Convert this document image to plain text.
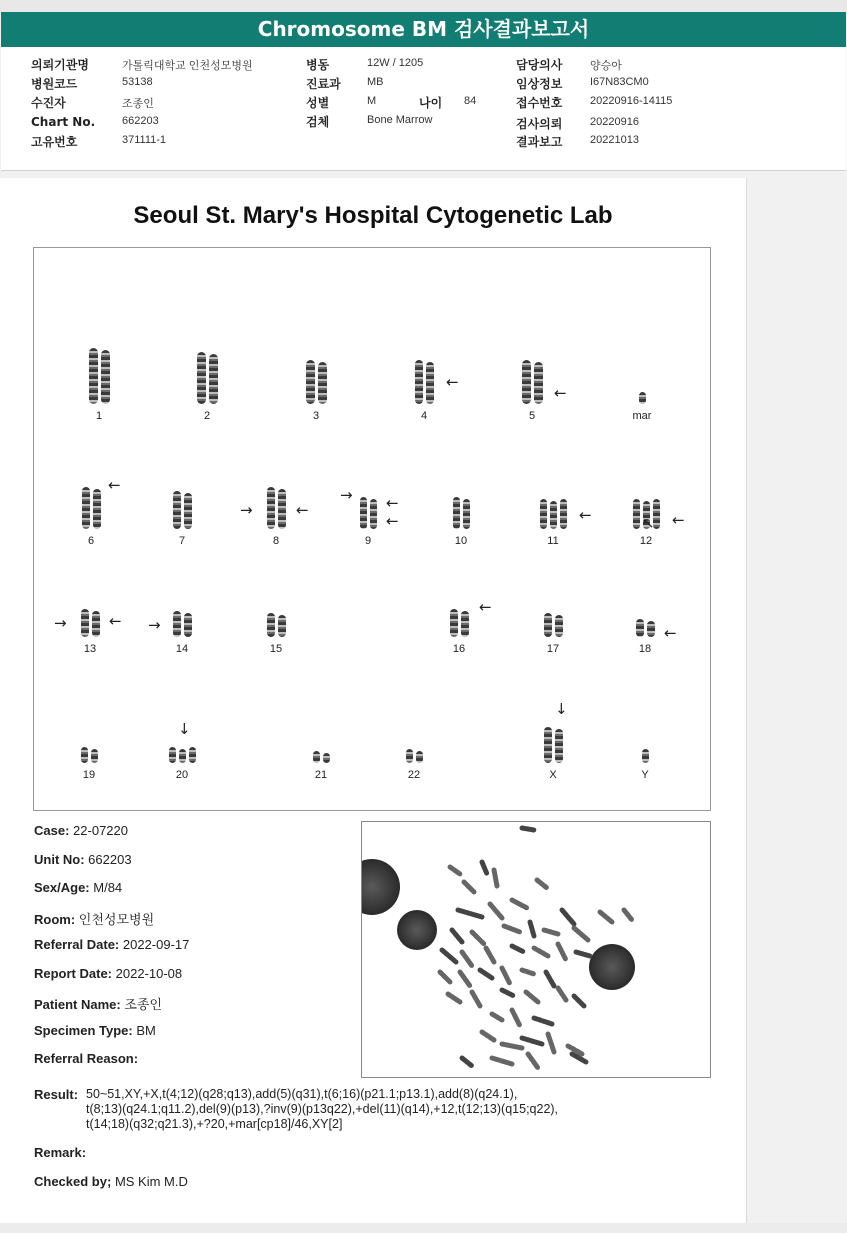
Chromosome BM 검사결과보고서
의뢰기관명	가톨릭대학교 인천성모병원
병원코드	53138
수진자	조종인
Chart No. 662203
고유번호	371111-1
병동	12W / 1205
진료과 MB
성별	M	나이 84
검체	Bone Marrow
담당의사	양승아
임상정보	I67N83CM0
접수번호	20220916-14115
검사의뢰	20220916
결과보고	20221013
Seoul St. Mary's Hospital Cytogenetic Lab
1	2	3	4	5	mar
6	7	8	9	10	11	12
13	14	15	16	17	18
19	20	21	22	X	Y
←
←
←
→	←
→ ←
←	←	←
↖
→	← →
←
←
↓
↓
Case: 22-07220
Unit No: 662203
Sex/Age: M/84
Room: 인천성모병원
Referral Date: 2022-09-17
Report Date: 2022-10-08
Patient Name: 조종인
Specimen Type: BM
Referral Reason:
Result: 50~51,XY,+X,t(4;12)(q28;q13),add(5)(q31),t(6;16)(p21.1;p13.1),add(8)(q24.1),
t(8;13)(q24.1;q11.2),del(9)(p13),?inv(9)(p13q22),+del(11)(q14),+12,t(12;13)(q15;q22),
t(14;18)(q32;q21.3),+?20,+mar[cp18]/46,XY[2]
Remark:
Checked by; MS Kim M.D
